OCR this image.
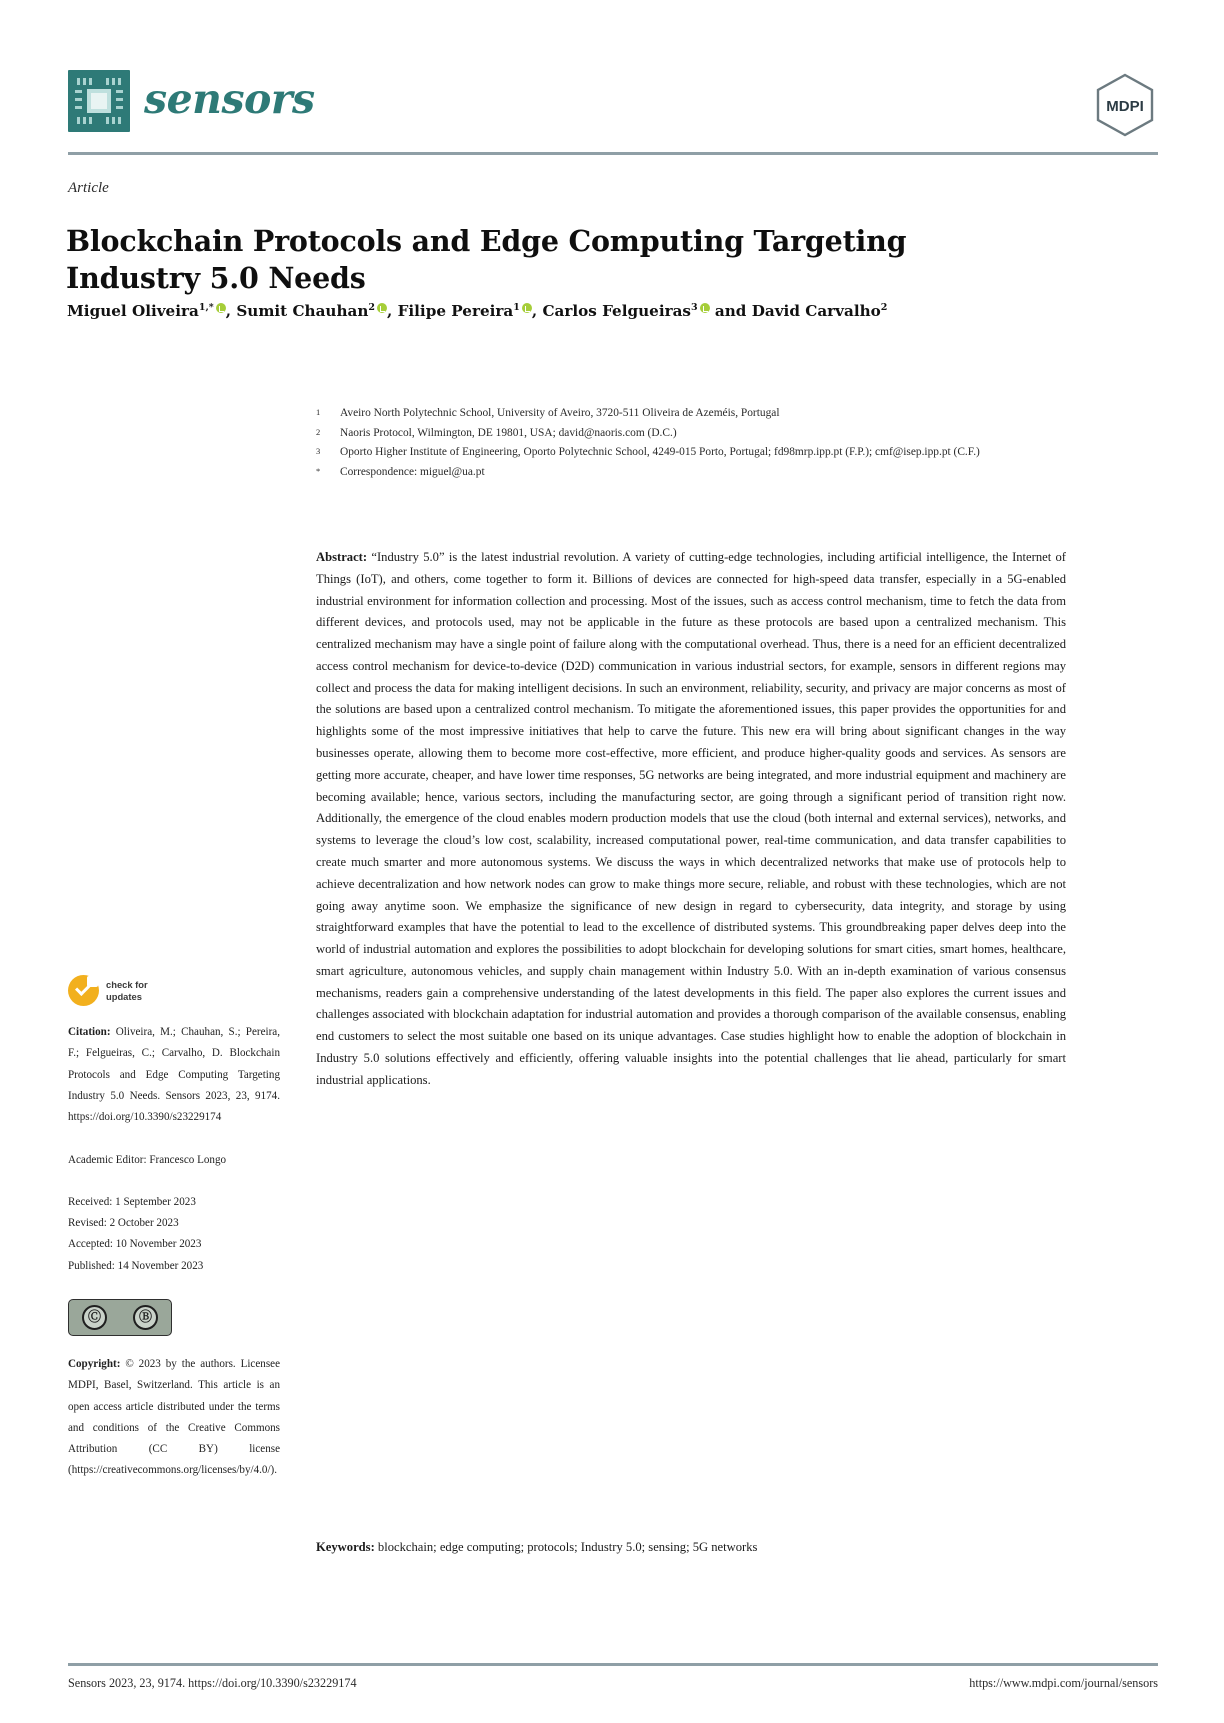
sensors	MDPI
Article
Blockchain Protocols and Edge Computing Targeting Industry 5.0 Needs
Miguel Oliveira$^{1,*}$ , Sumit Chauhan$^2$ , Filipe Pereira$^1$ , Carlos Felgueiras$^3$ and David Carvalho$^2$
1	Aveiro North Polytechnic School, University of Aveiro, 3720-511 Oliveira de Azeméis, Portugal
2	Naoris Protocol, Wilmington, DE 19801, USA; david@naoris.com (D.C.)
3	Oporto Higher Institute of Engineering, Oporto Polytechnic School, 4249-015 Porto, Portugal; fd98mrp.ipp.pt (F.P.); cmf@isep.ipp.pt (C.F.)
*	Correspondence: miguel@ua.pt
Abstract: “Industry 5.0” is the latest industrial revolution. A variety of cutting-edge technologies, including artificial intelligence, the Internet of Things (IoT), and others, come together to form it. Billions of devices are connected for high-speed data transfer, especially in a 5G-enabled industrial environment for information collection and processing. Most of the issues, such as access control mechanism, time to fetch the data from different devices, and protocols used, may not be applicable in the future as these protocols are based upon a centralized mechanism. This centralized mechanism may have a single point of failure along with the computational overhead. Thus, there is a need for an efficient decentralized access control mechanism for device-to-device (D2D) communication in various industrial sectors, for example, sensors in different regions may collect and process the data for making intelligent decisions. In such an environment, reliability, security, and privacy are major concerns as most of the solutions are based upon a centralized control mechanism. To mitigate the aforementioned issues, this paper provides the opportunities for and highlights some of the most impressive initiatives that help to carve the future. This new era will bring about significant changes in the way businesses operate, allowing them to become more cost-effective, more efficient, and produce higher-quality goods and services. As sensors are getting more accurate, cheaper, and have lower time responses, 5G networks are being integrated, and more industrial equipment and machinery are becoming available; hence, various sectors, including the manufacturing sector, are going through a significant period of transition right now. Additionally, the emergence of the cloud enables modern production models that use the cloud (both internal and external services), networks, and systems to leverage the cloud’s low cost, scalability, increased computational power, real-time communication, and data transfer capabilities to create much smarter and more autonomous systems. We discuss the ways in which decentralized networks that make use of protocols help to achieve decentralization and how network nodes can grow to make things more secure, reliable, and robust with these technologies, which are not going away anytime soon. We emphasize the significance of new design in regard to cybersecurity, data integrity, and storage by using straightforward examples that have the potential to lead to the excellence of distributed systems. This groundbreaking paper delves deep into the world of industrial automation and explores the possibilities to adopt blockchain for developing solutions for smart cities, smart homes, healthcare, smart agriculture, autonomous vehicles, and supply chain management within Industry 5.0. With an in-depth examination of various consensus mechanisms, readers gain a comprehensive understanding of the latest developments in this field. The paper also explores the current issues and challenges associated with blockchain adaptation for industrial automation and provides a thorough comparison of the available consensus, enabling end customers to select the most suitable one based on its unique advantages. Case studies highlight how to enable the adoption of blockchain in Industry 5.0 solutions effectively and efficiently, offering valuable insights into the potential challenges that lie ahead, particularly for smart industrial applications.
Keywords: blockchain; edge computing; protocols; Industry 5.0; sensing; 5G networks
check for
updates
Citation: Oliveira, M.; Chauhan, S.; Pereira, F.; Felgueiras, C.; Carvalho, D. Blockchain Protocols and Edge Computing Targeting Industry 5.0 Needs. Sensors 2023, 23, 9174. https://doi.org/10.3390/s23229174
Academic Editor: Francesco Longo
Received: 1 September 2023
Revised: 2 October 2023
Accepted: 10 November 2023
Published: 14 November 2023
Ⓒ	Ⓑ
Copyright: © 2023 by the authors. Licensee MDPI, Basel, Switzerland. This article is an open access article distributed under the terms and conditions of the Creative Commons Attribution (CC BY) license (https://creativecommons.org/licenses/by/4.0/).
Sensors 2023, 23, 9174. https://doi.org/10.3390/s23229174	https://www.mdpi.com/journal/sensors
